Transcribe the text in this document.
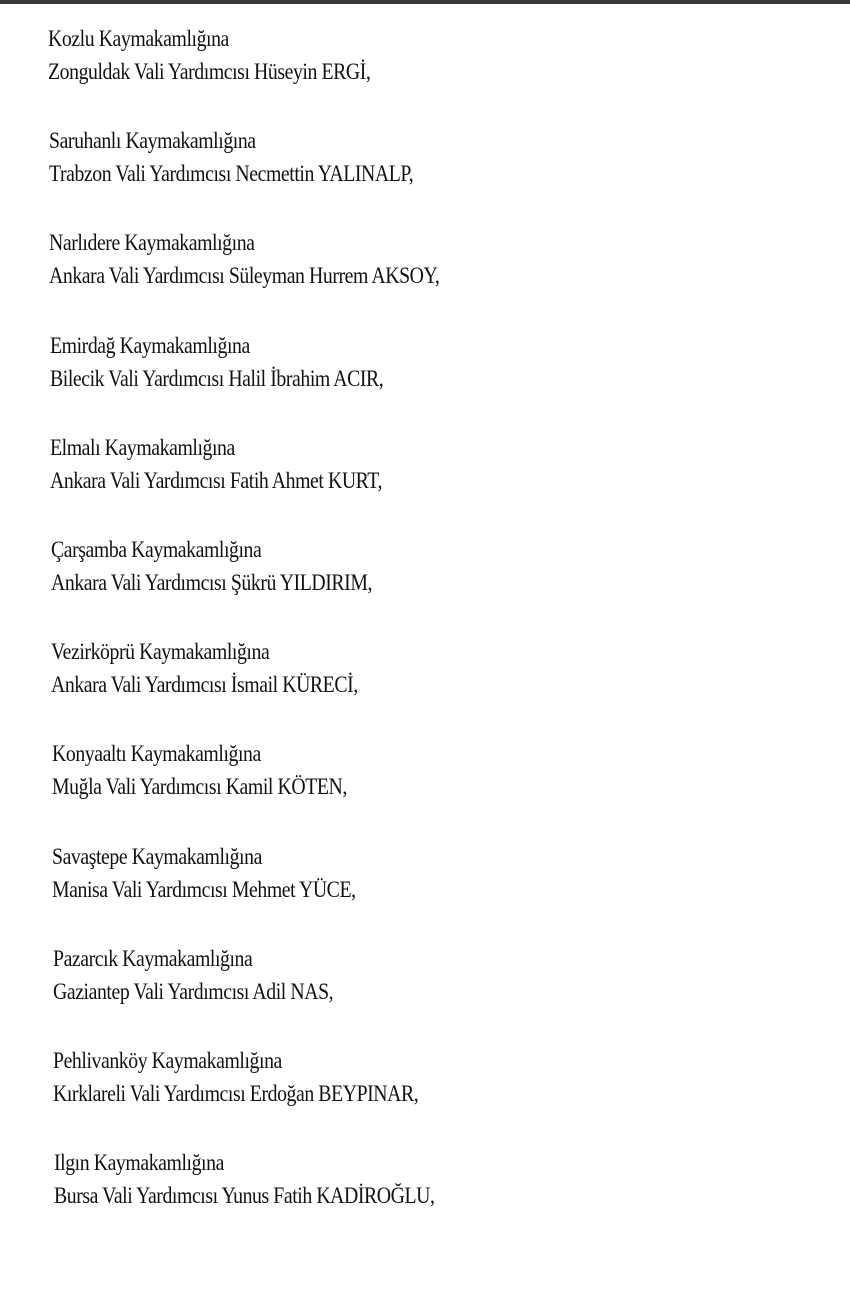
Kozlu Kaymakamlığına
Zonguldak Vali Yardımcısı Hüseyin ERGİ,
Saruhanlı Kaymakamlığına
Trabzon Vali Yardımcısı Necmettin YALINALP,
Narlıdere Kaymakamlığına
Ankara Vali Yardımcısı Süleyman Hurrem AKSOY,
Emirdağ Kaymakamlığına
Bilecik Vali Yardımcısı Halil İbrahim ACIR,
Elmalı Kaymakamlığına
Ankara Vali Yardımcısı Fatih Ahmet KURT,
Çarşamba Kaymakamlığına
Ankara Vali Yardımcısı Şükrü YILDIRIM,
Vezirköprü Kaymakamlığına
Ankara Vali Yardımcısı İsmail KÜRECİ,
Konyaaltı Kaymakamlığına
Muğla Vali Yardımcısı Kamil KÖTEN,
Savaştepe Kaymakamlığına
Manisa Vali Yardımcısı Mehmet YÜCE,
Pazarcık Kaymakamlığına
Gaziantep Vali Yardımcısı Adil NAS,
Pehlivanköy Kaymakamlığına
Kırklareli Vali Yardımcısı Erdoğan BEYPINAR,
Ilgın Kaymakamlığına
Bursa Vali Yardımcısı Yunus Fatih KADİROĞLU,
